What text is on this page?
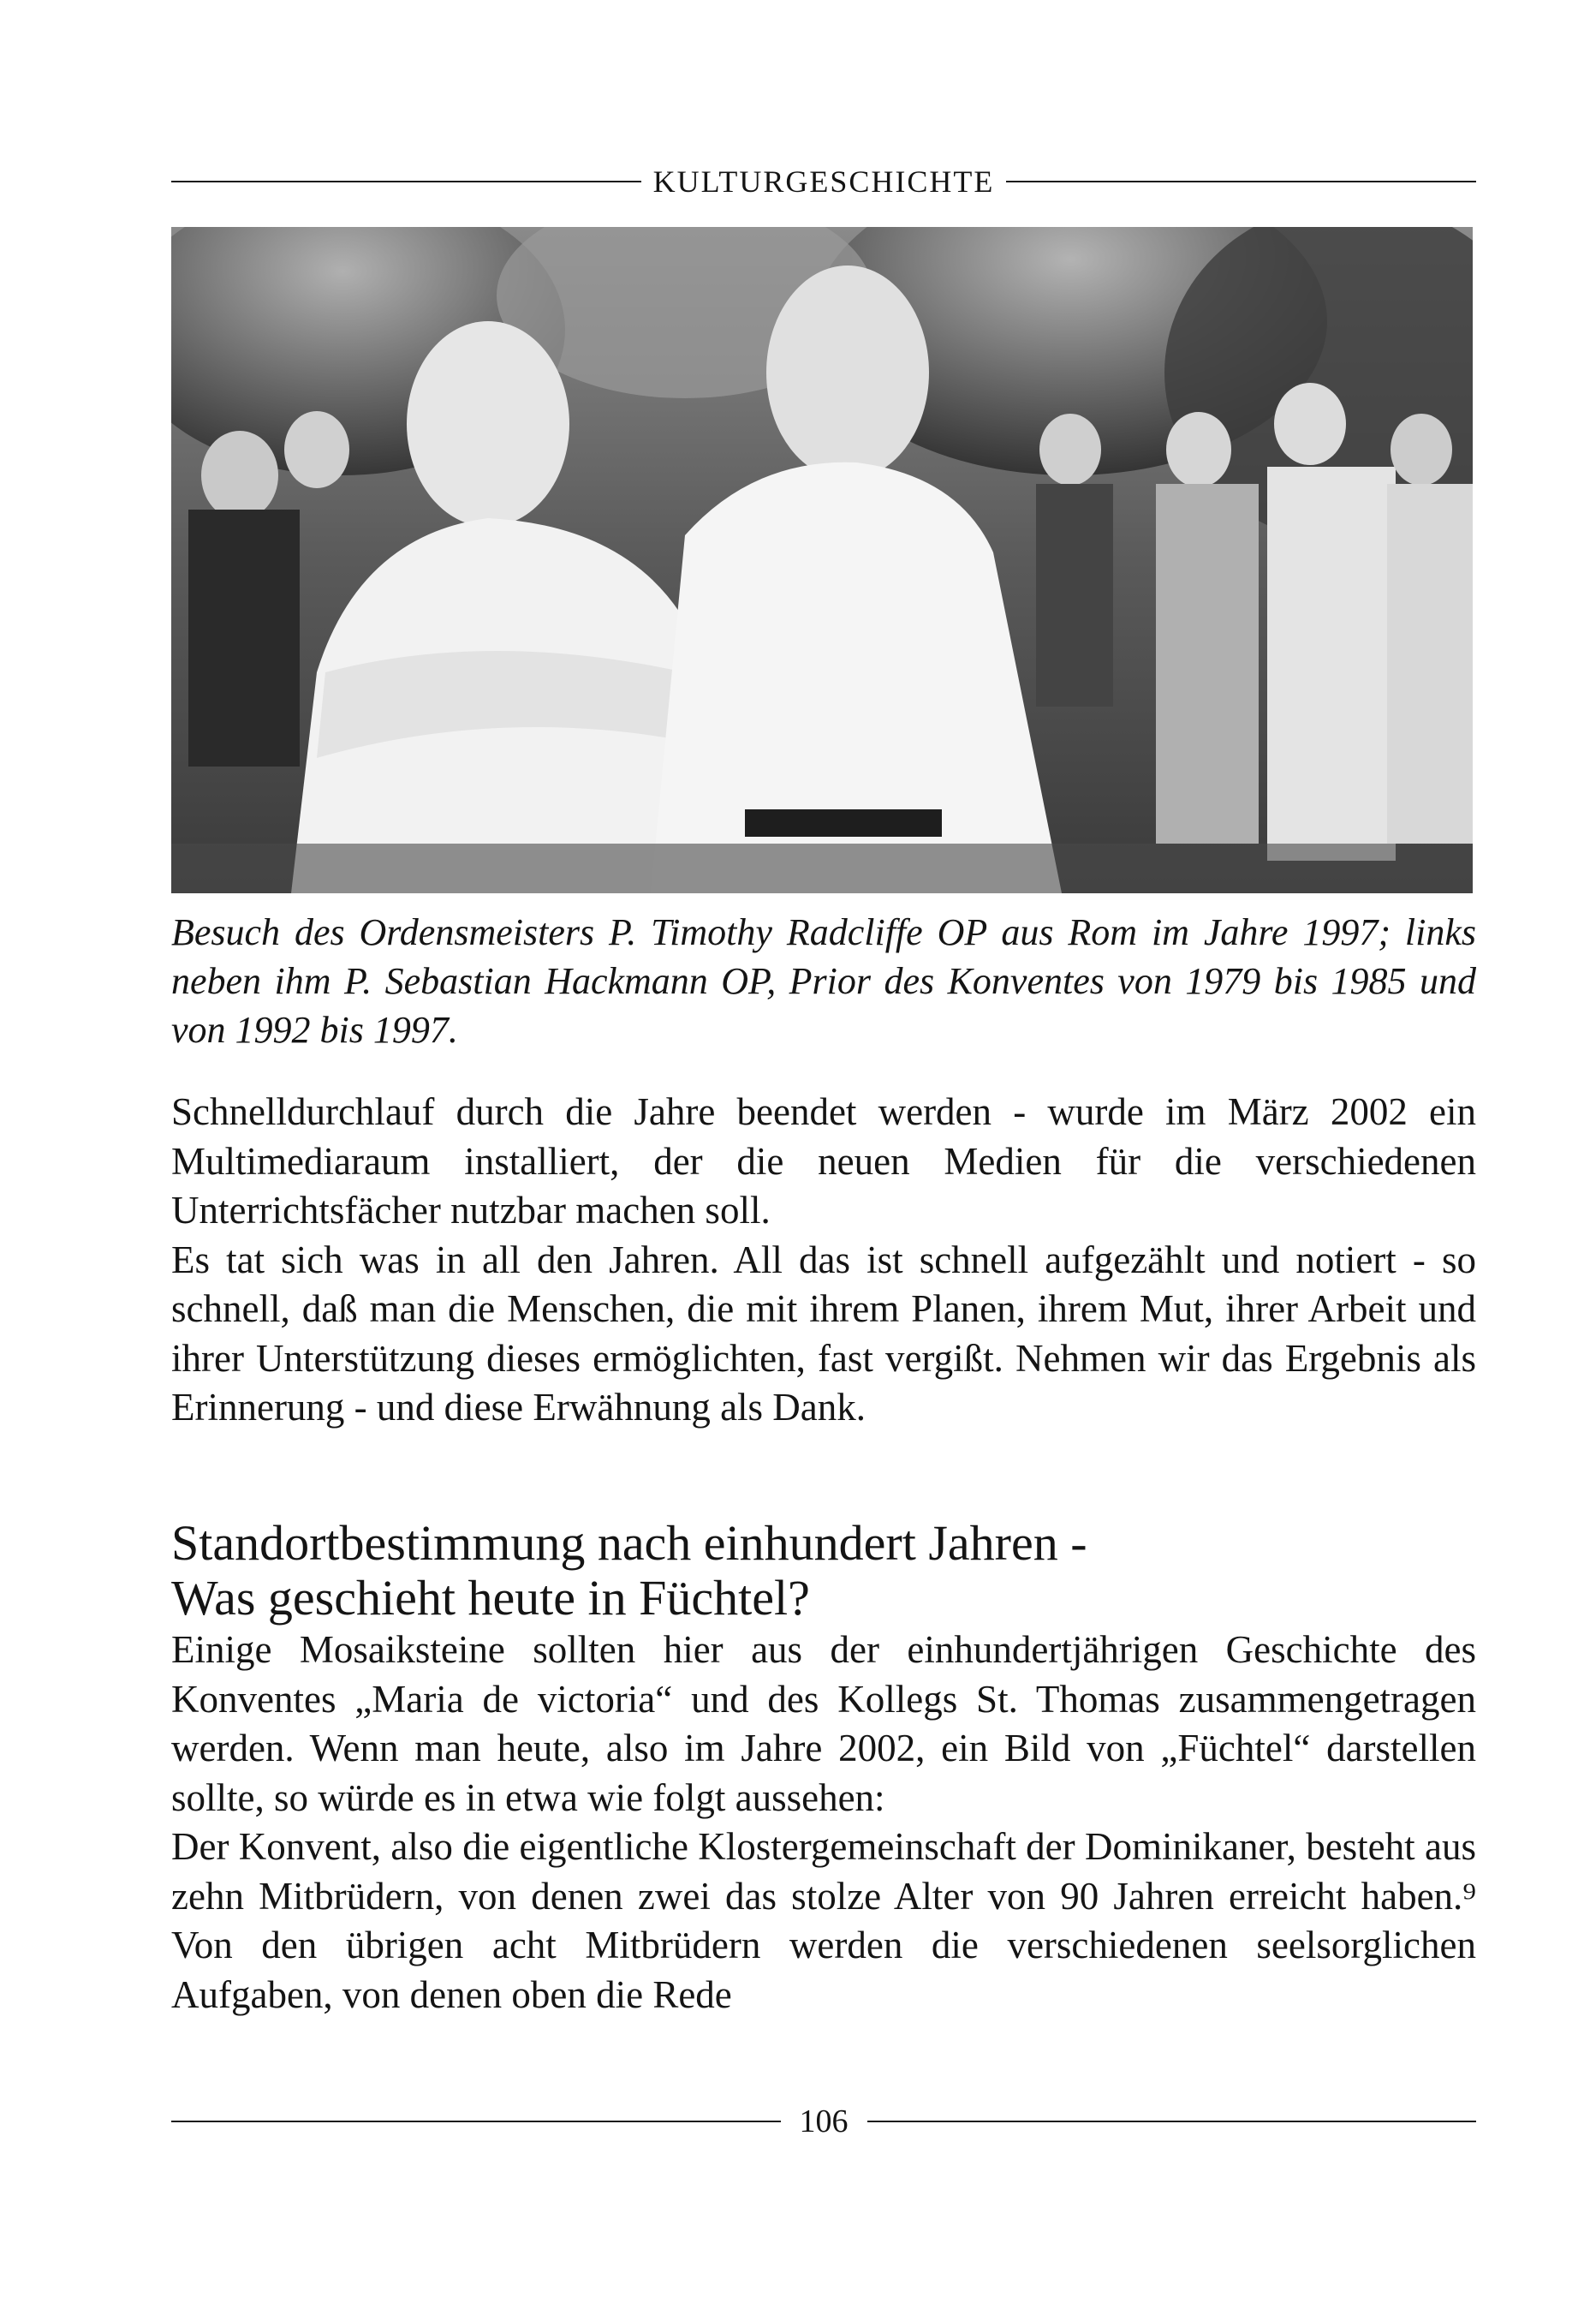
KULTURGESCHICHTE

Besuch des Ordensmeisters P. Timothy Radcliffe OP aus Rom im Jahre 1997; links neben ihm P. Sebastian Hackmann OP, Prior des Konventes von 1979 bis 1985 und von 1992 bis 1997.

Schnelldurchlauf durch die Jahre beendet werden - wurde im März 2002 ein Multimediaraum installiert, der die neuen Medien für die verschiedenen Unterrichtsfächer nutzbar machen soll.
Es tat sich was in all den Jahren. All das ist schnell aufgezählt und notiert - so schnell, daß man die Menschen, die mit ihrem Planen, ihrem Mut, ihrer Arbeit und ihrer Unterstützung dieses ermöglichten, fast vergißt. Nehmen wir das Ergebnis als Erinnerung - und diese Erwähnung als Dank.
Standortbestimmung nach einhundert Jahren -
Was geschieht heute in Füchtel?
Einige Mosaiksteine sollten hier aus der einhundertjährigen Geschichte des Konventes „Maria de victoria“ und des Kollegs St. Thomas zusammengetragen werden. Wenn man heute, also im Jahre 2002, ein Bild von „Füchtel“ darstellen sollte, so würde es in etwa wie folgt aussehen:
Der Konvent, also die eigentliche Klostergemeinschaft der Dominikaner, besteht aus zehn Mitbrüdern, von denen zwei das stolze Alter von 90 Jahren erreicht haben.⁹ Von den übrigen acht Mitbrüdern werden die verschiedenen seelsorglichen Aufgaben, von denen oben die Rede
106
